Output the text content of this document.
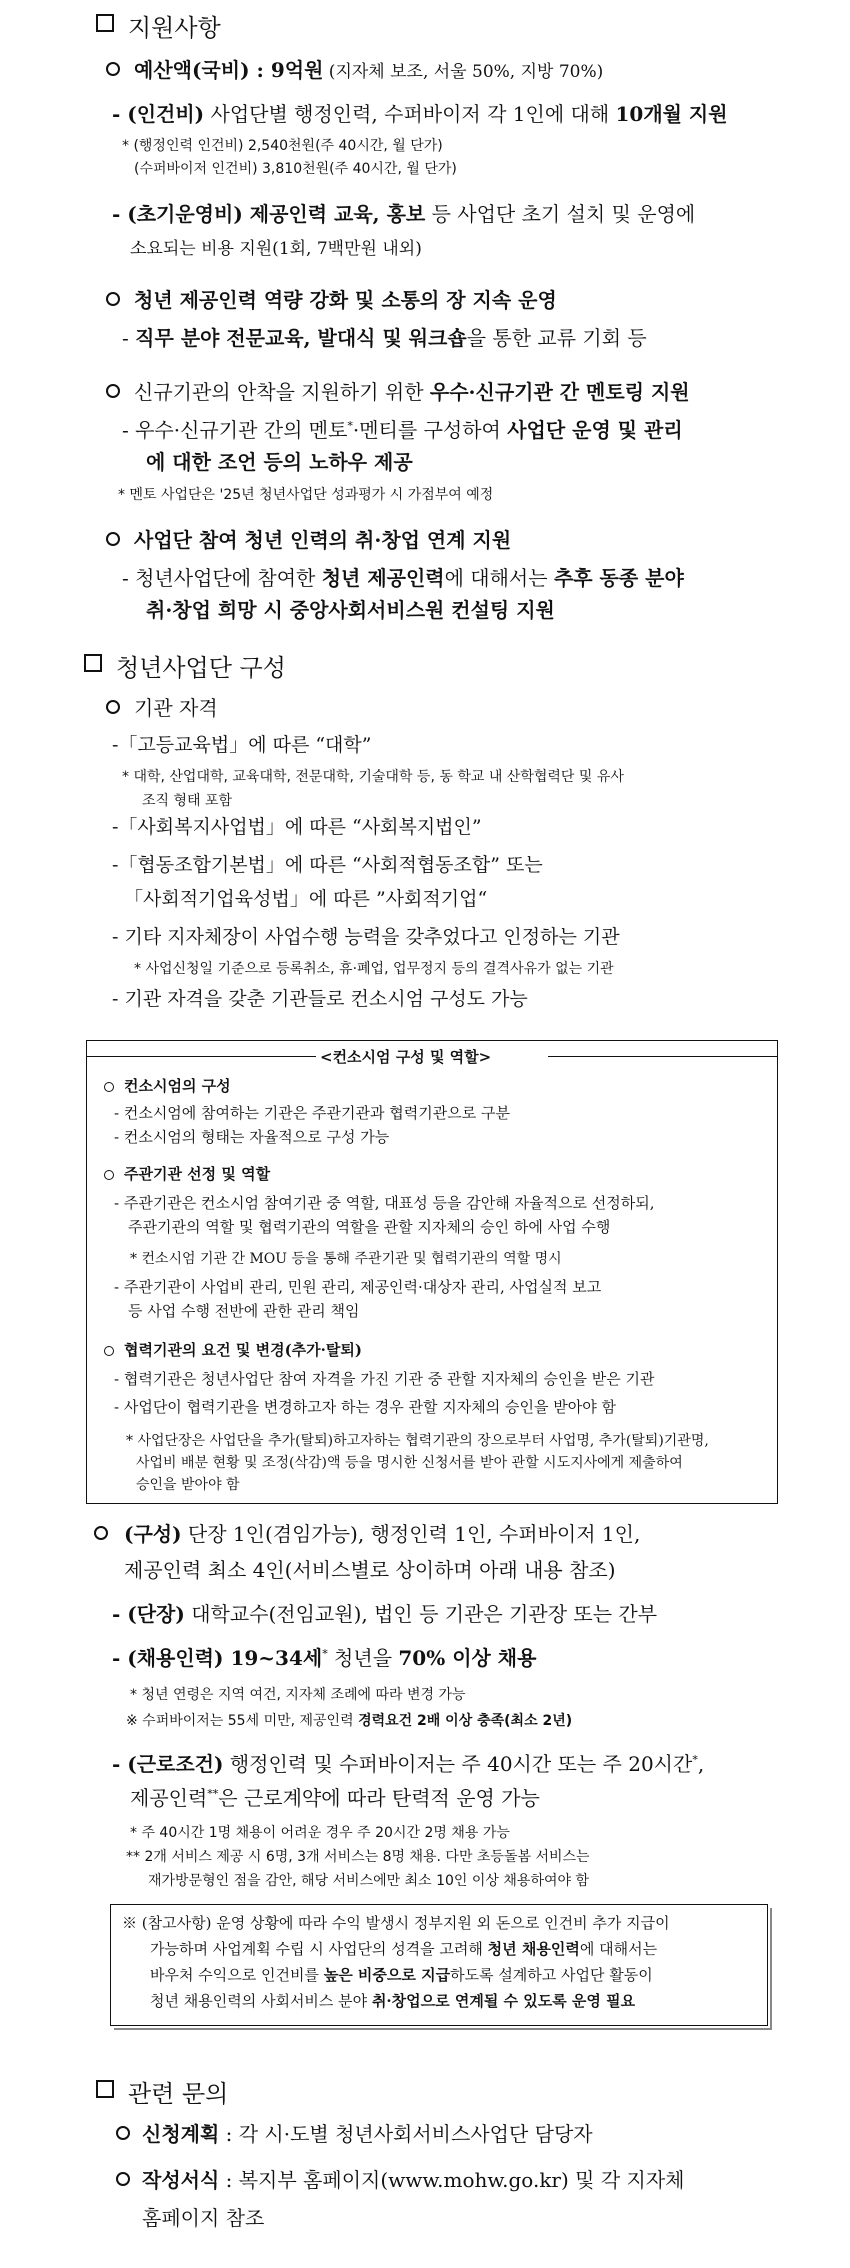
지원사항
예산액(국비) : 9억원 (지자체 보조, 서울 50%, 지방 70%)
- (인건비) 사업단별 행정인력, 수퍼바이저 각 1인에 대해 10개월 지원
* (행정인력 인건비) 2,540천원(주 40시간, 월 단가)
(수퍼바이저 인건비) 3,810천원(주 40시간, 월 단가)
- (초기운영비) 제공인력 교육, 홍보 등 사업단 초기 설치 및 운영에
소요되는 비용 지원(1회, 7백만원 내외)
청년 제공인력 역량 강화 및 소통의 장 지속 운영
- 직무 분야 전문교육, 발대식 및 워크숍을 통한 교류 기회 등
신규기관의 안착을 지원하기 위한 우수·신규기관 간 멘토링 지원
- 우수·신규기관 간의 멘토*·멘티를 구성하여 사업단 운영 및 관리
에 대한 조언 등의 노하우 제공
* 멘토 사업단은 '25년 청년사업단 성과평가 시 가점부여 예정
사업단 참여 청년 인력의 취·창업 연계 지원
- 청년사업단에 참여한 청년 제공인력에 대해서는 추후 동종 분야
취·창업 희망 시 중앙사회서비스원 컨설팅 지원
청년사업단 구성
기관 자격
-「고등교육법」에 따른 “대학”
* 대학, 산업대학, 교육대학, 전문대학, 기술대학 등, 동 학교 내 산학협력단 및 유사
조직 형태 포함
-「사회복지사업법」에 따른 “사회복지법인”
-「협동조합기본법」에 따른 “사회적협동조합” 또는
「사회적기업육성법」에 따른 ”사회적기업“
- 기타 지자체장이 사업수행 능력을 갖추었다고 인정하는 기관
* 사업신청일 기준으로 등록취소, 휴·폐업, 업무정지 등의 결격사유가 없는 기관
- 기관 자격을 갖춘 기관들로 컨소시엄 구성도 가능
<컨소시엄 구성 및 역할>
컨소시엄의 구성
- 컨소시엄에 참여하는 기관은 주관기관과 협력기관으로 구분
- 컨소시엄의 형태는 자율적으로 구성 가능
주관기관 선정 및 역할
- 주관기관은 컨소시엄 참여기관 중 역할, 대표성 등을 감안해 자율적으로 선정하되,
주관기관의 역할 및 협력기관의 역할을 관할 지자체의 승인 하에 사업 수행
* 컨소시엄 기관 간 MOU 등을 통해 주관기관 및 협력기관의 역할 명시
- 주관기관이 사업비 관리, 민원 관리, 제공인력·대상자 관리, 사업실적 보고
등 사업 수행 전반에 관한 관리 책임
협력기관의 요건 및 변경(추가·탈퇴)
- 협력기관은 청년사업단 참여 자격을 가진 기관 중 관할 지자체의 승인을 받은 기관
- 사업단이 협력기관을 변경하고자 하는 경우 관할 지자체의 승인을 받아야 함
* 사업단장은 사업단을 추가(탈퇴)하고자하는 협력기관의 장으로부터 사업명, 추가(탈퇴)기관명,
사업비 배분 현황 및 조정(삭감)액 등을 명시한 신청서를 받아 관할 시도지사에게 제출하여
승인을 받아야 함
(구성) 단장 1인(겸임가능), 행정인력 1인, 수퍼바이저 1인,
제공인력 최소 4인(서비스별로 상이하며 아래 내용 참조)
- (단장) 대학교수(전임교원), 법인 등 기관은 기관장 또는 간부
- (채용인력) 19~34세* 청년을 70% 이상 채용
* 청년 연령은 지역 여건, 지자체 조례에 따라 변경 가능
※ 수퍼바이저는 55세 미만, 제공인력 경력요건 2배 이상 충족(최소 2년)
- (근로조건) 행정인력 및 수퍼바이저는 주 40시간 또는 주 20시간*,
제공인력**은 근로계약에 따라 탄력적 운영 가능
* 주 40시간 1명 채용이 어려운 경우 주 20시간 2명 채용 가능
** 2개 서비스 제공 시 6명, 3개 서비스는 8명 채용. 다만 초등돌봄 서비스는
재가방문형인 점을 감안, 해당 서비스에만 최소 10인 이상 채용하여야 함
※ (참고사항) 운영 상황에 따라 수익 발생시 정부지원 외 돈으로 인건비 추가 지급이
가능하며 사업계획 수립 시 사업단의 성격을 고려해 청년 채용인력에 대해서는
바우처 수익으로 인건비를 높은 비중으로 지급하도록 설계하고 사업단 활동이
청년 채용인력의 사회서비스 분야 취·창업으로 연계될 수 있도록 운영 필요
관련 문의
신청계획 : 각 시·도별 청년사회서비스사업단 담당자
작성서식 : 복지부 홈페이지(www.mohw.go.kr) 및 각 지자체
홈페이지 참조
